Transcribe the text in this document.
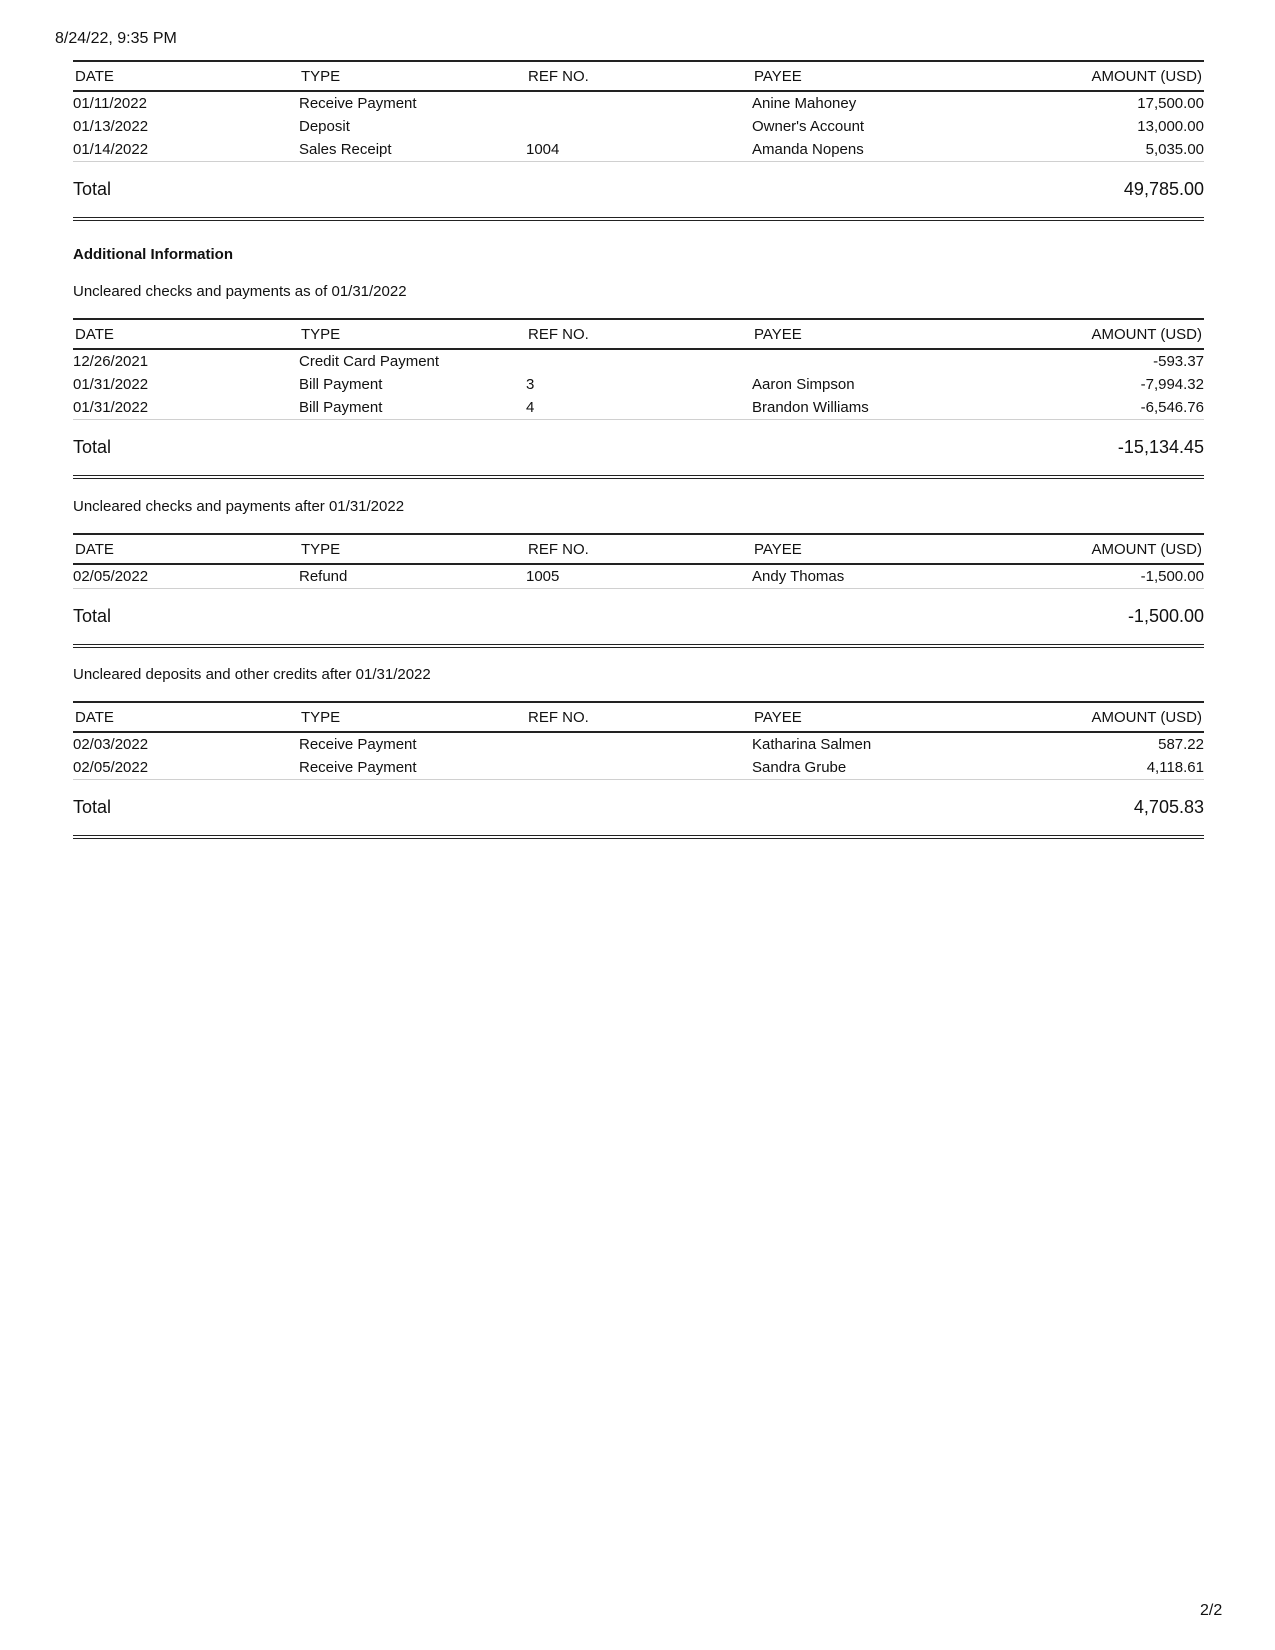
8/24/22, 9:35 PM
DATE	TYPE	REF NO.	PAYEE	AMOUNT (USD)
01/11/2022	Receive Payment		Anine Mahoney	17,500.00
01/13/2022	Deposit		Owner's Account	13,000.00
01/14/2022	Sales Receipt	1004	Amanda Nopens	5,035.00
Total	49,785.00
Additional Information
Uncleared checks and payments as of 01/31/2022
DATE	TYPE	REF NO.	PAYEE	AMOUNT (USD)
12/26/2021	Credit Card Payment			-593.37
01/31/2022	Bill Payment	3	Aaron Simpson	-7,994.32
01/31/2022	Bill Payment	4	Brandon Williams	-6,546.76
Total	-15,134.45
Uncleared checks and payments after 01/31/2022
DATE	TYPE	REF NO.	PAYEE	AMOUNT (USD)
02/05/2022	Refund	1005	Andy Thomas	-1,500.00
Total	-1,500.00
Uncleared deposits and other credits after 01/31/2022
DATE	TYPE	REF NO.	PAYEE	AMOUNT (USD)
02/03/2022	Receive Payment		Katharina Salmen	587.22
02/05/2022	Receive Payment		Sandra Grube	4,118.61
Total	4,705.83
2/2
